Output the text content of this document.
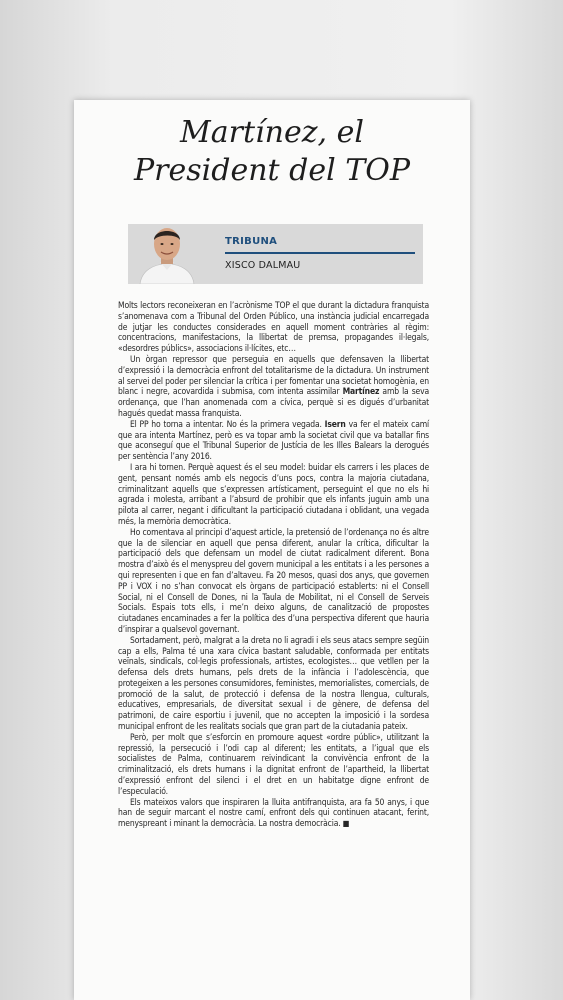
Martínez, el
President del TOP
TRIBUNA
XISCO DALMAU

Molts lectors reconeixeran en l’acrònisme TOP el que durant la dictadura franquista s’anomenava com a Tribunal del Orden Público, una instància judicial encarregada de jutjar les conductes considerades en aquell moment contràries al règim: concentracions, manifestacions, la llibertat de premsa, propagandes il·legals, «desordres públics», associacions il·lícites, etc…

Un òrgan repressor que perseguia en aquells que defensaven la llibertat d’expressió i la democràcia enfront del totalitarisme de la dictadura. Un instrument al servei del poder per silenciar la crítica i per fomentar una societat homogènia, en blanc i negre, acovardida i submisa, com intenta assimilar Martínez amb la seva ordenança, que l’han anomenada com a cívica, perquè si es digués d’urbanitat hagués quedat massa franquista.

El PP ho torna a intentar. No és la primera vegada. Isern va fer el mateix camí que ara intenta Martínez, però es va topar amb la societat civil que va batallar fins que aconseguí que el Tribunal Superior de Justícia de les Illes Balears la derogués per sentència l’any 2016.

I ara hi tornen. Perquè aquest és el seu model: buidar els carrers i les places de gent, pensant només amb els negocis d’uns pocs, contra la majoria ciutadana, criminalitzant aquells que s’expressen artísticament, perseguint el que no els hi agrada i molesta, arribant a l’absurd de prohibir que els infants juguin amb una pilota al carrer, negant i dificultant la participació ciutadana i oblidant, una vegada més, la memòria democràtica.

Ho comentava al principi d’aquest article, la pretensió de l’ordenança no és altre que la de silenciar en aquell que pensa diferent, anular la crítica, dificultar la participació dels que defensam un model de ciutat radicalment diferent. Bona mostra d’això és el menyspreu del govern municipal a les entitats i a les persones a qui representen i que en fan d’altaveu. Fa 20 mesos, quasi dos anys, que governen PP i VOX i no s’han convocat els òrgans de participació establerts: ni el Consell Social, ni el Consell de Dones, ni la Taula de Mobilitat, ni el Consell de Serveis Socials. Espais tots ells, i me’n deixo alguns, de canalització de propostes ciutadanes encaminades a fer la política des d’una perspectiva diferent que hauria d’inspirar a qualsevol governant.

Sortadament, però, malgrat a la dreta no li agradi i els seus atacs sempre següin cap a ells, Palma té una xara cívica bastant saludable, conformada per entitats veïnals, sindicals, col·legis professionals, artistes, ecologistes… que vetllen per la defensa dels drets humans, pels drets de la infància i l’adolescència, que protegeixen a les persones consumidores, feministes, memorialistes, comercials, de promoció de la salut, de protecció i defensa de la nostra llengua, culturals, educatives, empresarials, de diversitat sexual i de gènere, de defensa del patrimoni, de caire esportiu i juvenil, que no accepten la imposició i la sordesa municipal enfront de les realitats socials que gran part de la ciutadania pateix.

Però, per molt que s’esforcin en promoure aquest «ordre públic», utilitzant la repressió, la persecució i l’odi cap al diferent; les entitats, a l’igual que els socialistes de Palma, continuarem reivindicant la convivència enfront de la criminalització, els drets humans i la dignitat enfront de l’apartheid, la llibertat d’expressió enfront del silenci i el dret en un habitatge digne enfront de l’especulació.

Els mateixos valors que inspiraren la lluita antifranquista, ara fa 50 anys, i que han de seguir marcant el nostre camí, enfront dels qui continuen atacant, ferint, menyspreant i minant la democràcia. La nostra democràcia. ■
